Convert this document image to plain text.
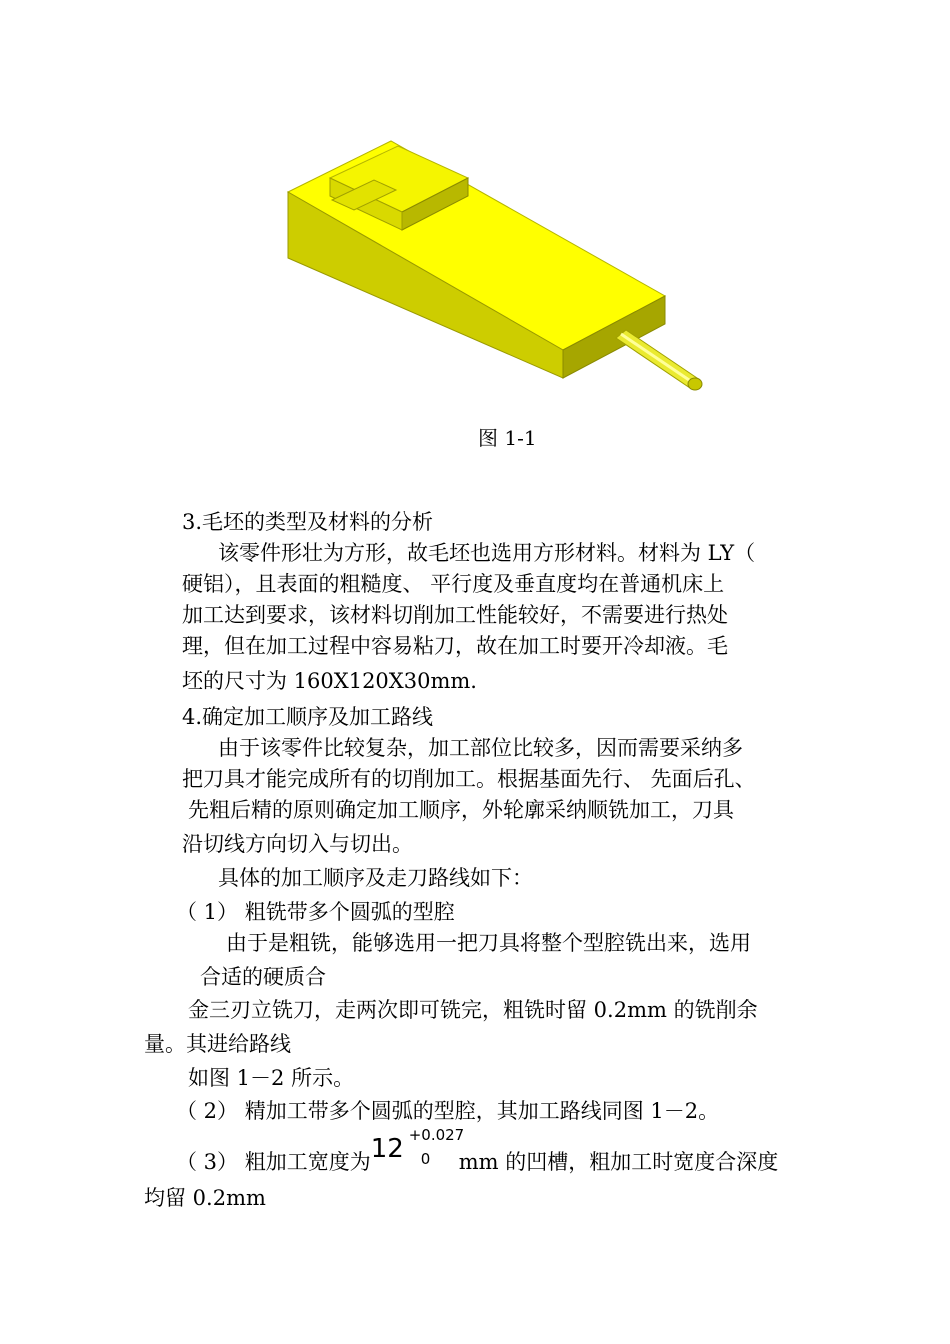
图 1-1
3.毛坯的类型及材料的分析
该零件形壮为方形，故毛坯也选用方形材料。材料为 LY（
硬铝），且表面的粗糙度、 平行度及垂直度均在普通机床上
加工达到要求，该材料切削加工性能较好，不需要进行热处
理，但在加工过程中容易粘刀，故在加工时要开冷却液。毛
坯的尺寸为 160X120X30mm.
4.确定加工顺序及加工路线
由于该零件比较复杂，加工部位比较多，因而需要采纳多
把刀具才能完成所有的切削加工。根据基面先行、 先面后孔、
先粗后精的原则确定加工顺序，外轮廓采纳顺铣加工，刀具
沿切线方向切入与切出。
具体的加工顺序及走刀路线如下：
（ 1） 粗铣带多个圆弧的型腔
由于是粗铣，能够选用一把刀具将整个型腔铣出来，选用
合适的硬质合
金三刃立铣刀，走两次即可铣完，粗铣时留 0.2mm 的铣削余
量。其进给路线
如图 1－2 所示。
（ 2） 精加工带多个圆弧的型腔，其加工路线同图 1－2。
（ 3） 粗加工宽度为 12 +0.027
0 mm 的凹槽，粗加工时宽度合深度
均留 0.2mm
